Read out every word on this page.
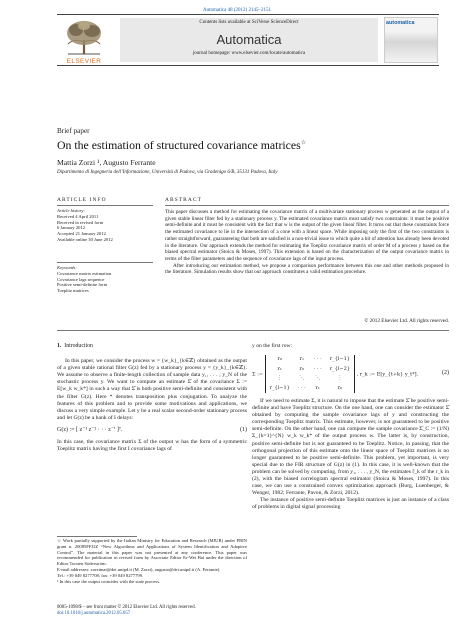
Automatica 48 (2012) 2145–2151
ELSEVIER
Contents lists available at SciVerse ScienceDirect
Automatica
journal homepage: www.elsevier.com/locate/automatica
automatica
Brief paper
On the estimation of structured covariance matrices☆
Mattia Zorzi ¹, Augusto Ferrante
Dipartimento di Ingegneria dell’Informazione, Università di Padova, via Gradenigo 6/B, 35131 Padova, Italy
ARTICLE INFO
Article history:
Received 4 April 2011
Received in revised form
6 January 2012
Accepted 21 January 2012
Available online 30 June 2012
Keywords:
Covariance matrix estimation
Covariance lags sequence
Positive semi-definite form
Toeplitz matrices
ABSTRACT

This paper discusses a method for estimating the covariance matrix of a multivariate stationary process w generated as the output of a given stable linear filter fed by a stationary process y. The estimated covariance matrix must satisfy two constraints: it must be positive semi-definite and it must be consistent with the fact that w is the output of the given linear filter. It turns out that these constraints force the estimated covariance to lie in the intersection of a cone with a linear space. While imposing only the first of the two constraints is rather straightforward, guaranteeing that both are satisfied is a non-trivial issue to which quite a bit of attention has already been devoted in the literature. Our approach extends the method for estimating the Toeplitz covariance matrix of order M of a process y based on the biased spectral estimator (Stoica & Moses, 1997). This extension is based on the characterization of the output covariance matrix in terms of the filter parameters and the sequence of covariance lags of the input process.

After introducing our estimation method, we propose a comparison performance between this one and other methods proposed in the literature. Simulation results show that our approach constitutes a valid estimation procedure.

© 2012 Elsevier Ltd. All rights reserved.
1. Introduction

In this paper, we consider the process w = {w_k}_{k∈ℤ} obtained as the output of a given stable rational filter G(z) fed by a stationary process y = {y_k}_{k∈ℤ}. We assume to observe a finite-length collection of sample data y₁, . . . , y_N of the stochastic process y. We want to compute an estimate Σ̂ of the covariance Σ := E[w_k w_k*] in such a way that Σ̂ is both positive semi-definite and consistent with the filter G(z). Here * denotes transposition plus conjugation. To analyze the features of this problem and to provide some motivations and applications, we discuss a very simple example. Let y be a real scalar second-order stationary process and let G(z) be a bank of I delays:

G(z) := [ z⁻¹ z⁻² · · · z⁻ⁱ ]ᵀ.	(1)

In this case, the covariance matrix Σ of the output w has the form of a symmetric Toeplitz matrix having the first I covariance lags of

y on the first row:

Σ := r₀	r₁	· · ·	r_{l−1}
r₁	r₀	· · ·	r_{l−2}
⋮	⋱	⋱	⋮
r_{l−1}	· · ·	r₁	r₀ , r_k := E[y_{t+k} y_t*].	(2)

If we need to estimate Σ, it is natural to impose that the estimate Σ̂ be positive semi-definite and have Toeplitz structure. On the one hand, one can consider the estimator Σ̂ obtained by computing the sample covariance lags of y and constructing the corresponding Toeplitz matrix. This estimate, however, is not guaranteed to be positive semi-definite. On the other hand, one can compute the sample covariance Σ̂_C := (1/N) Σ_{k=1}^{N} w_k w_k* of the output process w. The latter is, by construction, positive semi-definite but is not guaranteed to be Toeplitz. Notice, in passing, that the orthogonal projection of this estimate onto the linear space of Toeplitz matrices is no longer guaranteed to be positive semi-definite. This problem, yet important, is very special due to the FIR structure of G(z) in (1). In this case, it is well-known that the problem can be solved by computing, from y₁, . . . , y_N, the estimates r̂_k of the r_k in (2), with the biased correlogram spectral estimator (Stoica & Moses, 1997). In this case, we can use a constrained convex optimization approach (Burg, Luenberger, & Wenger, 1982; Ferrante, Pavon, & Zorzi, 2012).

The instance of positive semi-definite Toeplitz matrices is just an instance of a class of problems in digital signal processing

☆ Work partially supported by the Italian Ministry for Education and Research (MIUR) under PRIN grant n. 20085FFJ2Z “New Algorithms and Applications of System Identification and Adaptive Control”. The material in this paper was not presented at any conference. This paper was recommended for publication in revised form by Associate Editor Er-Wei Bai under the direction of Editor Torsten Söderström.

E-mail addresses: zorzimat@dei.unipd.it (M. Zorzi), augusto@dei.unipd.it (A. Ferrante).

Tel.: +39 049 8277708; fax: +39 049 8277799.

¹ In this case the output coincides with the state process.

0005-1098/$ – see front matter © 2012 Elsevier Ltd. All rights reserved.
doi:10.1016/j.automatica.2012.05.057
